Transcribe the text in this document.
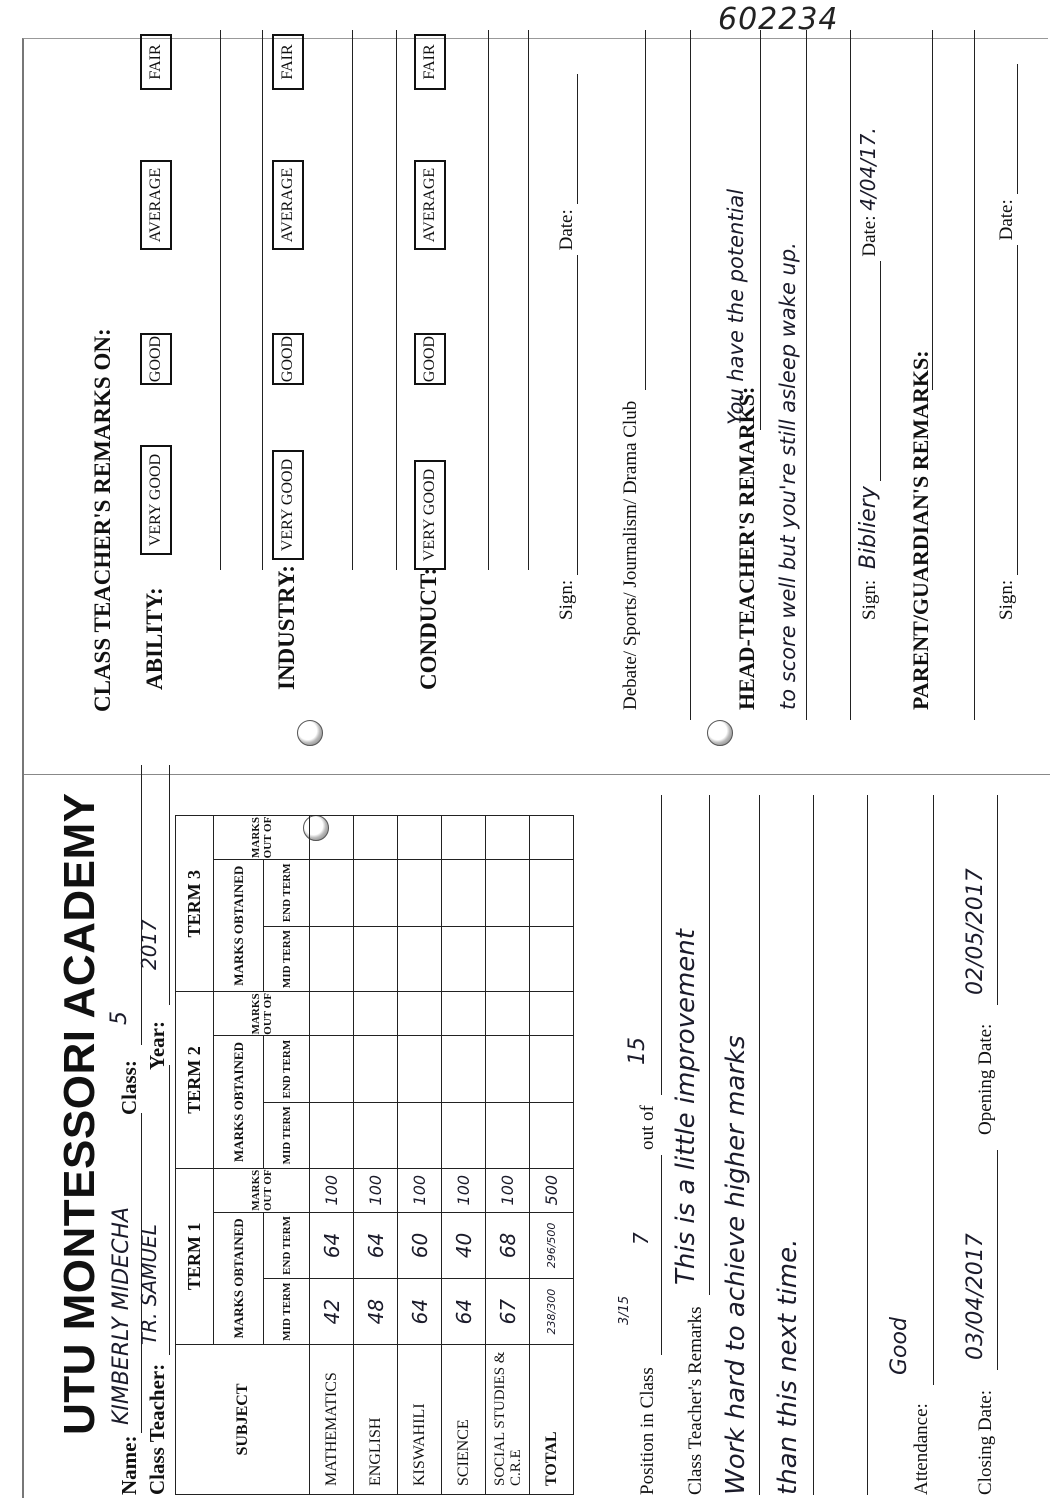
602234
CLASS TEACHER'S REMARKS ON: ABILITY:
VERY GOOD
GOOD
AVERAGE
FAIR
INDUSTRY:
VERY GOOD
GOOD
AVERAGE
FAIR
CONDUCT:
VERY GOOD
GOOD
AVERAGE
FAIR
Sign:  Date:
Debate/ Sports/ Journalism/ Drama Club	HEAD-TEACHER'S REMARKS:
You have the potential to score well but you're still asleep wake up.	Sign: Bibliery  Date: 4/04/17.
PARENT/GUARDIAN'S REMARKS:	Sign:  Date:
UTU MONTESSORI ACADEMY
Name:
KIMBERLY MIDECHA
Class:
5
Class Teacher:
TR. SAMUEL
Year:
2017
SUBJECT	TERM 1			TERM 2			TERM 3		
	MARKS OBTAINED		MARKS OUT OF	MARKS OBTAINED		MARKS OUT OF	MARKS OBTAINED		MARKS OUT OF
	MID TERM	END TERM		MID TERM	END TERM		MID TERM	END TERM	
MATHEMATICS	42	64	100						
ENGLISH	48	64	100						
KISWAHILI	64	60	100						
SCIENCE	64	40	100						
SOCIAL STUDIES & C.R.E	67	68	100						
TOTAL	238/300	296/500	500						
Position in Class
3/15
7
out of
15
Class Teacher's Remarks
This is a little improvement Work hard to achieve higher marks than this next time.	Attendance:
Good
Closing Date:
03/04/2017
Opening Date:
02/05/2017
